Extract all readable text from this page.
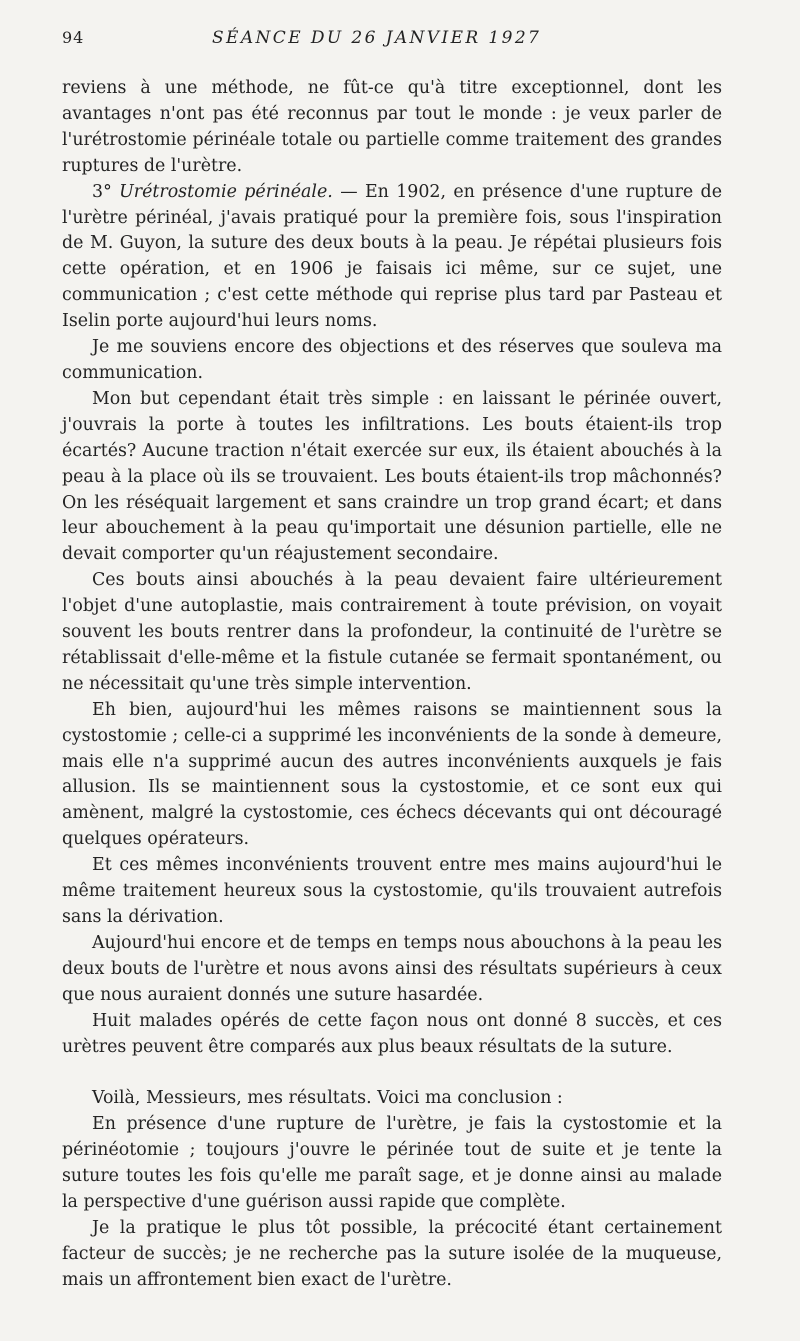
94	SÉANCE DU 26 JANVIER 1927

reviens à une méthode, ne fût-ce qu'à titre exceptionnel, dont les avantages n'ont pas été reconnus par tout le monde : je veux parler de l'urétrostomie périnéale totale ou partielle comme traitement des grandes ruptures de l'urètre.

3° Urétrostomie périnéale. — En 1902, en présence d'une rupture de l'urètre périnéal, j'avais pratiqué pour la première fois, sous l'inspiration de M. Guyon, la suture des deux bouts à la peau. Je répétai plusieurs fois cette opération, et en 1906 je faisais ici même, sur ce sujet, une communication ; c'est cette méthode qui reprise plus tard par Pasteau et Iselin porte aujourd'hui leurs noms.

Je me souviens encore des objections et des réserves que souleva ma communication.

Mon but cependant était très simple : en laissant le périnée ouvert, j'ouvrais la porte à toutes les infiltrations. Les bouts étaient-ils trop écartés? Aucune traction n'était exercée sur eux, ils étaient abouchés à la peau à la place où ils se trouvaient. Les bouts étaient-ils trop mâchonnés? On les réséquait largement et sans craindre un trop grand écart; et dans leur abouchement à la peau qu'importait une désunion partielle, elle ne devait comporter qu'un réajustement secondaire.

Ces bouts ainsi abouchés à la peau devaient faire ultérieurement l'objet d'une autoplastie, mais contrairement à toute prévision, on voyait souvent les bouts rentrer dans la profondeur, la continuité de l'urètre se rétablissait d'elle-même et la fistule cutanée se fermait spontanément, ou ne nécessitait qu'une très simple intervention.

Eh bien, aujourd'hui les mêmes raisons se maintiennent sous la cystostomie ; celle-ci a supprimé les inconvénients de la sonde à demeure, mais elle n'a supprimé aucun des autres inconvénients auxquels je fais allusion. Ils se maintiennent sous la cystostomie, et ce sont eux qui amènent, malgré la cystostomie, ces échecs décevants qui ont découragé quelques opérateurs.

Et ces mêmes inconvénients trouvent entre mes mains aujourd'hui le même traitement heureux sous la cystostomie, qu'ils trouvaient autrefois sans la dérivation.

Aujourd'hui encore et de temps en temps nous abouchons à la peau les deux bouts de l'urètre et nous avons ainsi des résultats supérieurs à ceux que nous auraient donnés une suture hasardée.

Huit malades opérés de cette façon nous ont donné 8 succès, et ces urètres peuvent être comparés aux plus beaux résultats de la suture.

Voilà, Messieurs, mes résultats. Voici ma conclusion :

En présence d'une rupture de l'urètre, je fais la cystostomie et la périnéotomie ; toujours j'ouvre le périnée tout de suite et je tente la suture toutes les fois qu'elle me paraît sage, et je donne ainsi au malade la perspective d'une guérison aussi rapide que complète.

Je la pratique le plus tôt possible, la précocité étant certainement facteur de succès; je ne recherche pas la suture isolée de la muqueuse, mais un affrontement bien exact de l'urètre.
